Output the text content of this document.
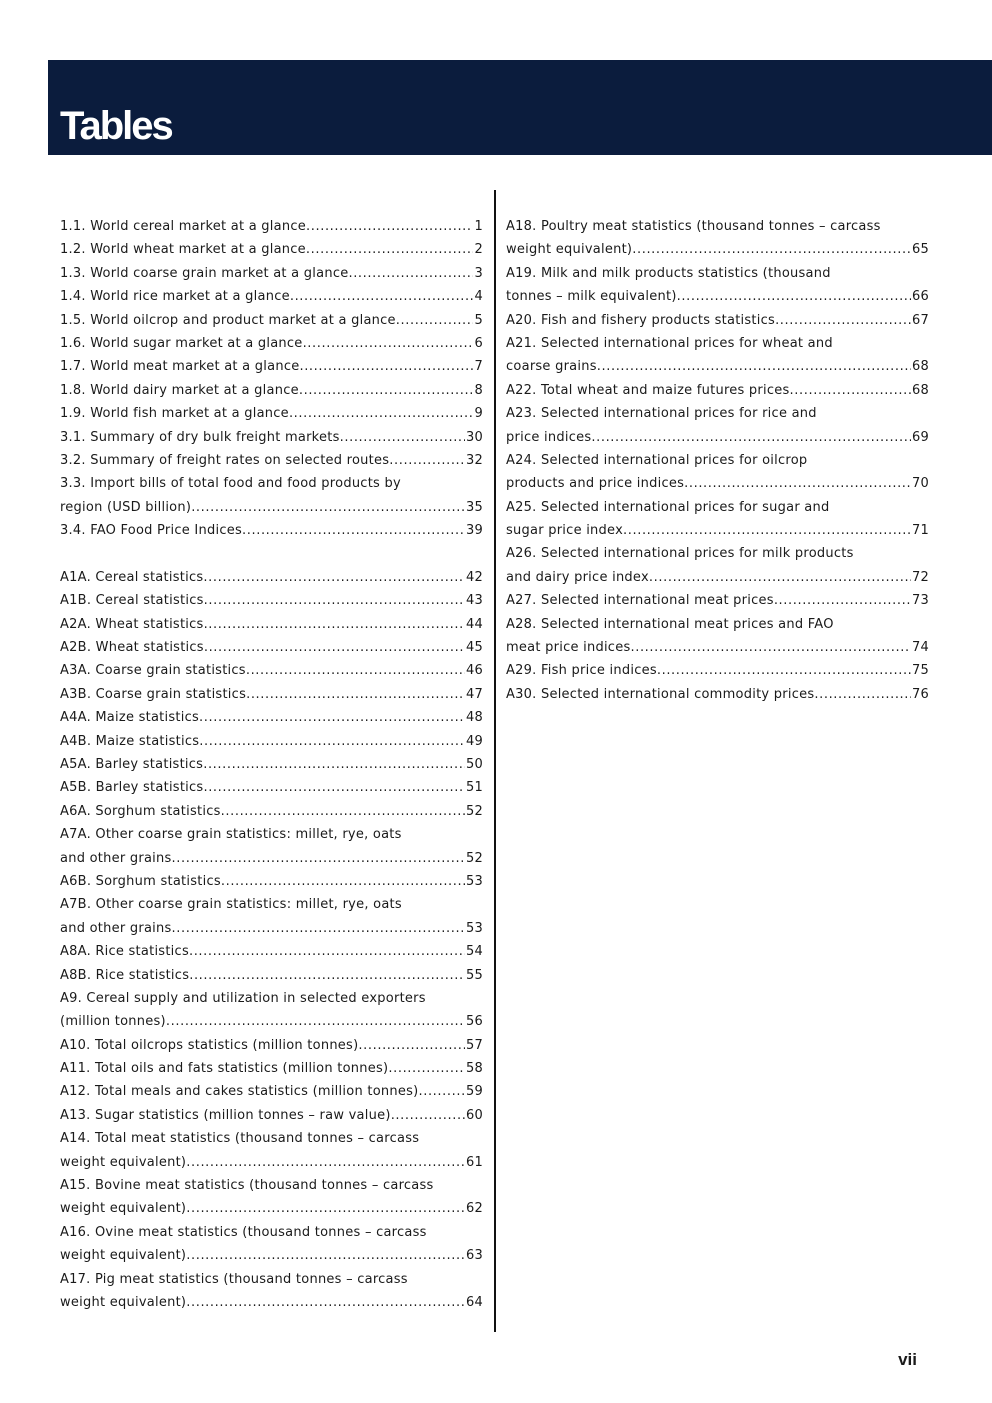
Tables
1.1. World cereal market at a glance .....	1
1.2. World wheat market at a glance .....	2
1.3. World coarse grain market at a glance .....	3
1.4. World rice market at a glance .....	4
1.5. World oilcrop and product market at a glance .....	5
1.6. World sugar market at a glance .....	6
1.7. World meat market at a glance .....	7
1.8. World dairy market at a glance .....	8
1.9. World fish market at a glance .....	9
3.1. Summary of dry bulk freight markets .....	30
3.2. Summary of freight rates on selected routes .....	32
3.3. Import bills of total food and food products by
region (USD billion) .....	35
3.4. FAO Food Price Indices .....	39
A1A. Cereal statistics .....	42
A1B. Cereal statistics .....	43
A2A. Wheat statistics .....	44
A2B. Wheat statistics .....	45
A3A. Coarse grain statistics .....	46
A3B. Coarse grain statistics .....	47
A4A. Maize statistics .....	48
A4B. Maize statistics .....	49
A5A. Barley statistics .....	50
A5B. Barley statistics .....	51
A6A. Sorghum statistics .....	52
A7A. Other coarse grain statistics: millet, rye, oats
and other grains .....	52
A6B. Sorghum statistics .....	53
A7B. Other coarse grain statistics: millet, rye, oats
and other grains .....	53
A8A. Rice statistics .....	54
A8B. Rice statistics .....	55
A9. Cereal supply and utilization in selected exporters
(million tonnes) .....	56
A10. Total oilcrops statistics (million tonnes) .....	57
A11. Total oils and fats statistics (million tonnes) .....	58
A12. Total meals and cakes statistics (million tonnes) .....	59
A13. Sugar statistics (million tonnes – raw value) .....	60
A14. Total meat statistics (thousand tonnes – carcass
weight equivalent) .....	61
A15. Bovine meat statistics (thousand tonnes – carcass
weight equivalent) .....	62
A16. Ovine meat statistics (thousand tonnes – carcass
weight equivalent) .....	63
A17. Pig meat statistics (thousand tonnes – carcass
weight equivalent) .....	64
A18. Poultry meat statistics (thousand tonnes – carcass
weight equivalent) .....	65
A19. Milk and milk products statistics (thousand
tonnes – milk equivalent) .....	66
A20. Fish and fishery products statistics .....	67
A21. Selected international prices for wheat and
coarse grains .....	68
A22. Total wheat and maize futures prices .....	68
A23. Selected international prices for rice and
price indices .....	69
A24. Selected international prices for oilcrop
products and price indices .....	70
A25. Selected international prices for sugar and
sugar price index .....	71
A26. Selected international prices for milk products
and dairy price index .....	72
A27. Selected international meat prices .....	73
A28. Selected international meat prices and FAO
meat price indices .....	74
A29. Fish price indices .....	75
A30. Selected international commodity prices .....	76
vii
